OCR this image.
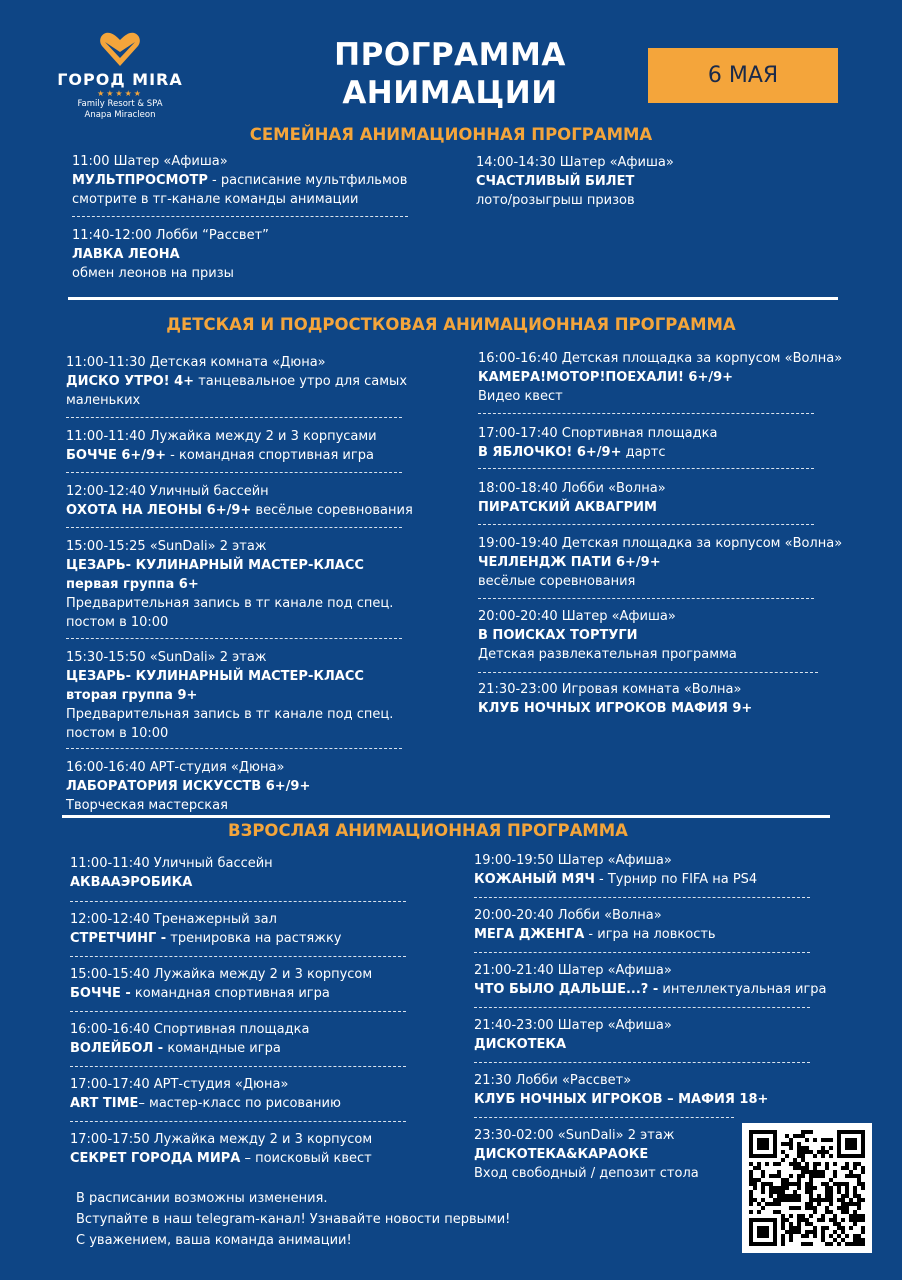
ГОРОД MIRA
★★★★★
Family Resort & SPA
Anapa Miracleon
ПРОГРАММА
АНИМАЦИИ	6 МАЯ
СЕМЕЙНАЯ АНИМАЦИОННАЯ ПРОГРАММА
11:00 Шатер «Афиша»
МУЛЬТПРОСМОТР - расписание мультфильмов смотрите в тг-канале команды анимации
11:40-12:00 Лобби “Рассвет”
ЛАВКА ЛЕОНА
обмен леонов на призы
14:00-14:30 Шатер «Афиша»
СЧАСТЛИВЫЙ БИЛЕТ
лото/розыгрыш призов
ДЕТСКАЯ И ПОДРОСТКОВАЯ АНИМАЦИОННАЯ ПРОГРАММА
11:00-11:30 Детская комната «Дюна»
ДИСКО УТРО! 4+ танцевальное утро для самых маленьких
11:00-11:40 Лужайка между 2 и 3 корпусами
БОЧЧЕ 6+/9+ - командная спортивная игра
12:00-12:40 Уличный бассейн
ОХОТА НА ЛЕОНЫ 6+/9+ весёлые соревнования
15:00-15:25 «SunDali» 2 этаж
ЦЕЗАРЬ- КУЛИНАРНЫЙ МАСТЕР-КЛАСС
первая группа 6+
Предварительная запись в тг канале под спец. постом в 10:00
15:30-15:50 «SunDali» 2 этаж
ЦЕЗАРЬ- КУЛИНАРНЫЙ МАСТЕР-КЛАСС
вторая группа 9+
Предварительная запись в тг канале под спец. постом в 10:00
16:00-16:40 АРТ-студия «Дюна»
ЛАБОРАТОРИЯ ИСКУССТВ 6+/9+
Творческая мастерская
16:00-16:40 Детская площадка за корпусом «Волна»
КАМЕРА!МОТОР!ПОЕХАЛИ! 6+/9+
Видео квест
17:00-17:40 Спортивная площадка
В ЯБЛОЧКО! 6+/9+ дартс
18:00-18:40 Лобби «Волна»
ПИРАТСКИЙ АКВАГРИМ
19:00-19:40 Детская площадка за корпусом «Волна»
ЧЕЛЛЕНДЖ ПАТИ 6+/9+
весёлые соревнования
20:00-20:40 Шатер «Афиша»
В ПОИСКАХ ТОРТУГИ
Детская развлекательная программа
21:30-23:00 Игровая комната «Волна»
КЛУБ НОЧНЫХ ИГРОКОВ МАФИЯ 9+
ВЗРОСЛАЯ АНИМАЦИОННАЯ ПРОГРАММА
11:00-11:40 Уличный бассейн
АКВААЭРОБИКА
12:00-12:40 Тренажерный зал
СТРЕТЧИНГ - тренировка на растяжку
15:00-15:40 Лужайка между 2 и 3 корпусом
БОЧЧЕ - командная спортивная игра
16:00-16:40 Спортивная площадка
ВОЛЕЙБОЛ - командные игра
17:00-17:40 АРТ-студия «Дюна»
ART TIME– мастер-класс по рисованию
17:00-17:50 Лужайка между 2 и 3 корпусом
СЕКРЕТ ГОРОДА МИРА – поисковый квест
19:00-19:50 Шатер «Афиша»
КОЖАНЫЙ МЯЧ - Турнир по FIFA на PS4
20:00-20:40 Лобби «Волна»
МЕГА ДЖЕНГА - игра на ловкость
21:00-21:40 Шатер «Афиша»
ЧТО БЫЛО ДАЛЬШЕ...? - интеллектуальная игра
21:40-23:00 Шатер «Афиша»
ДИСКОТЕКА
21:30 Лобби «Рассвет»
КЛУБ НОЧНЫХ ИГРОКОВ – МАФИЯ 18+
23:30-02:00 «SunDali» 2 этаж
ДИСКОТЕКА&КАРАОКЕ
Вход свободный / депозит стола
В расписании возможны изменения.
Вступайте в наш telegram-канал! Узнавайте новости первыми!
С уважением, ваша команда анимации!
